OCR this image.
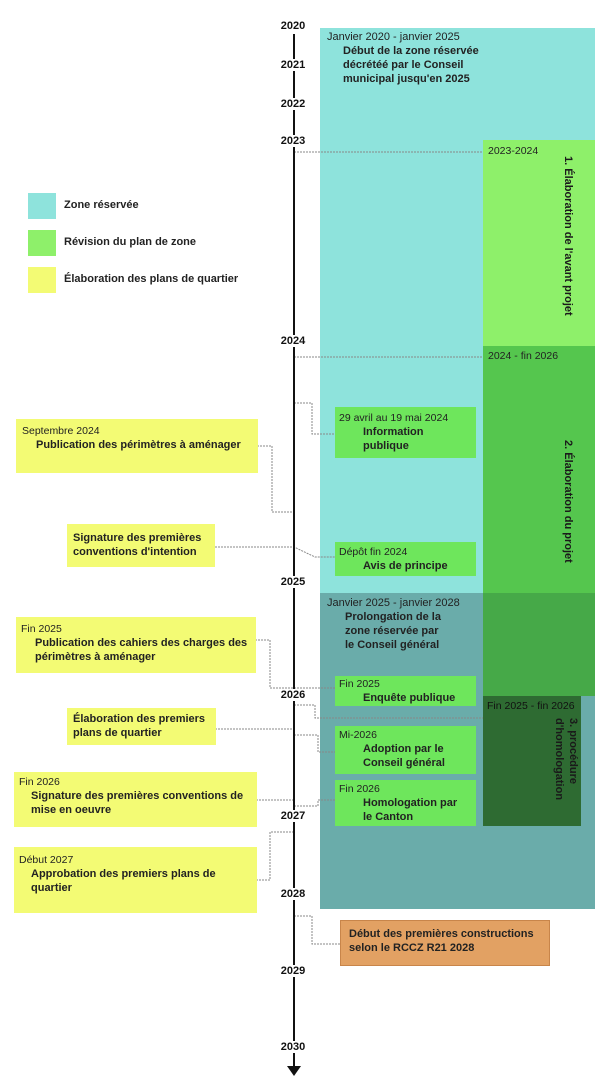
2020
2021
2022
2023
2024
2025
2026
2027
2028
2029
2030
Zone réservée
Révision du plan de zone
Élaboration des plans de quartier
Janvier 2020 - janvier 2025
Début de la zone réservée décrétéé par le Conseil municipal jusqu'en 2025
Janvier 2025 - janvier 2028
Prolongation de la zone réservée par le Conseil général
2023-2024
1. Élaboration de l'avant projet
2024 - fin 2026
2. Élaboration du projet
Fin 2025 - fin 2026
3. procédure d'homologation
29 avril au 19 mai 2024
Information publique
Dépôt fin 2024
Avis de principe
Fin 2025
Enquête publique
Mi-2026
Adoption par le Conseil général
Fin 2026
Homologation par le Canton
Septembre 2024
Publication des périmètres à aménager
Signature des premières conventions d'intention
Fin 2025
Publication des cahiers des charges des périmètres à aménager
Élaboration des premiers plans de quartier
Fin 2026
Signature des premières conventions de mise en oeuvre
Début 2027
Approbation des premiers plans de quartier
Début des premières constructions selon le RCCZ R21 2028
